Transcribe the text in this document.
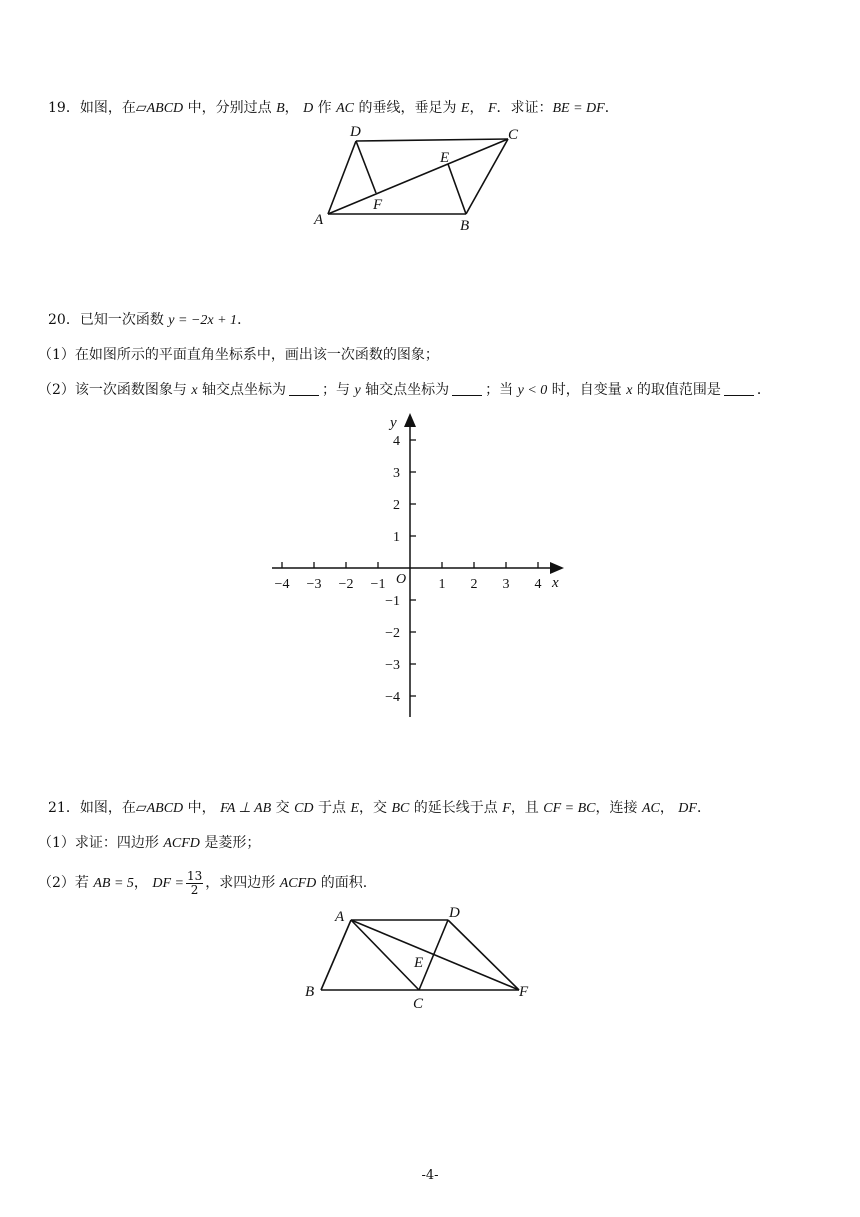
19．如图，在▱ABCD 中，分别过点 B， D 作 AC 的垂线，垂足为 E， F．求证：BE = DF．
A	B
C
D
E
F
20．已知一次函数 y = −2x + 1．
（1）在如图所示的平面直角坐标系中，画出该一次函数的图象；
（2）该一次函数图象与 x 轴交点坐标为	；与 y 轴交点坐标为	；当 y < 0 时，自变量 x 的取值范围是	．
−4 −3 −2 −1	1 2 3 4
4
3
2
1
−1
−2
−3
−4
x
y
O
21．如图，在▱ABCD 中， FA ⊥ AB 交 CD 于点 E，交 BC 的延长线于点 F，且 CF = BC，连接 AC， DF．
（1）求证：四边形 ACFD 是菱形；
（2）若 AB = 5， DF = $\frac{13}{2}$ ，求四边形 ACFD 的面积.
A
B
C
D
E
F
-4-
